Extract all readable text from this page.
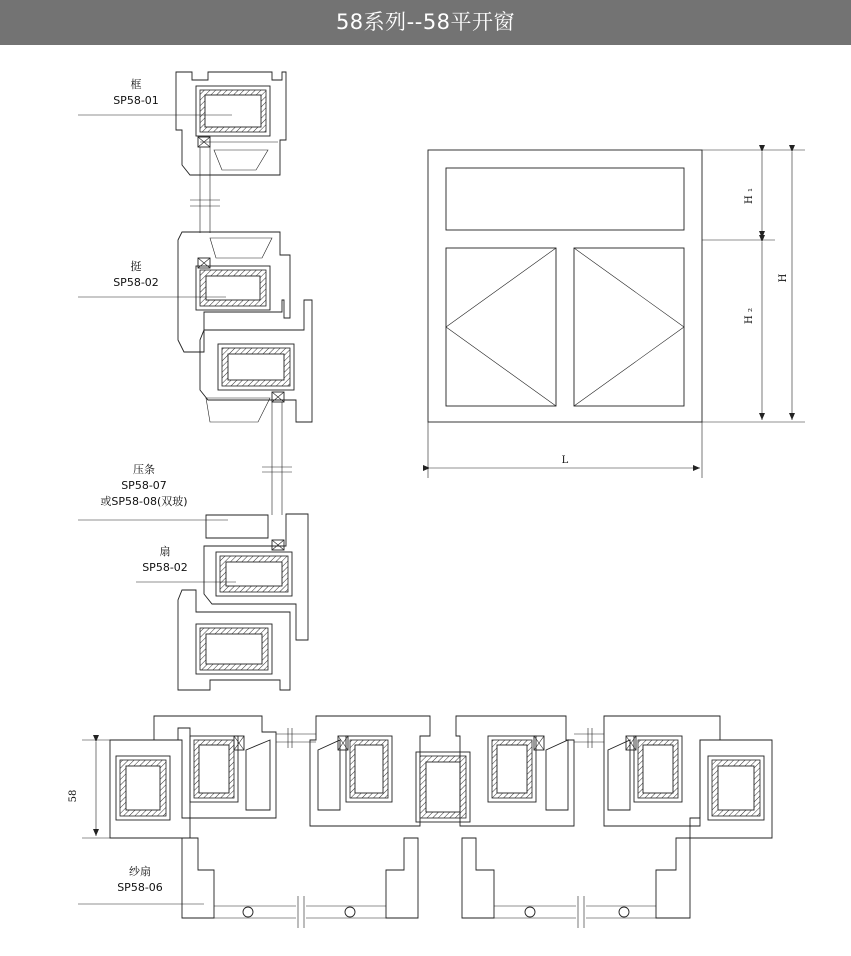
58系列--58平开窗
框
SP58-01
挺
SP58-02
压条
SP58-07
或SP58-08(双玻)
扇
SP58-02
H ₁
H ₂
H
L
58
纱扇
SP58-06
